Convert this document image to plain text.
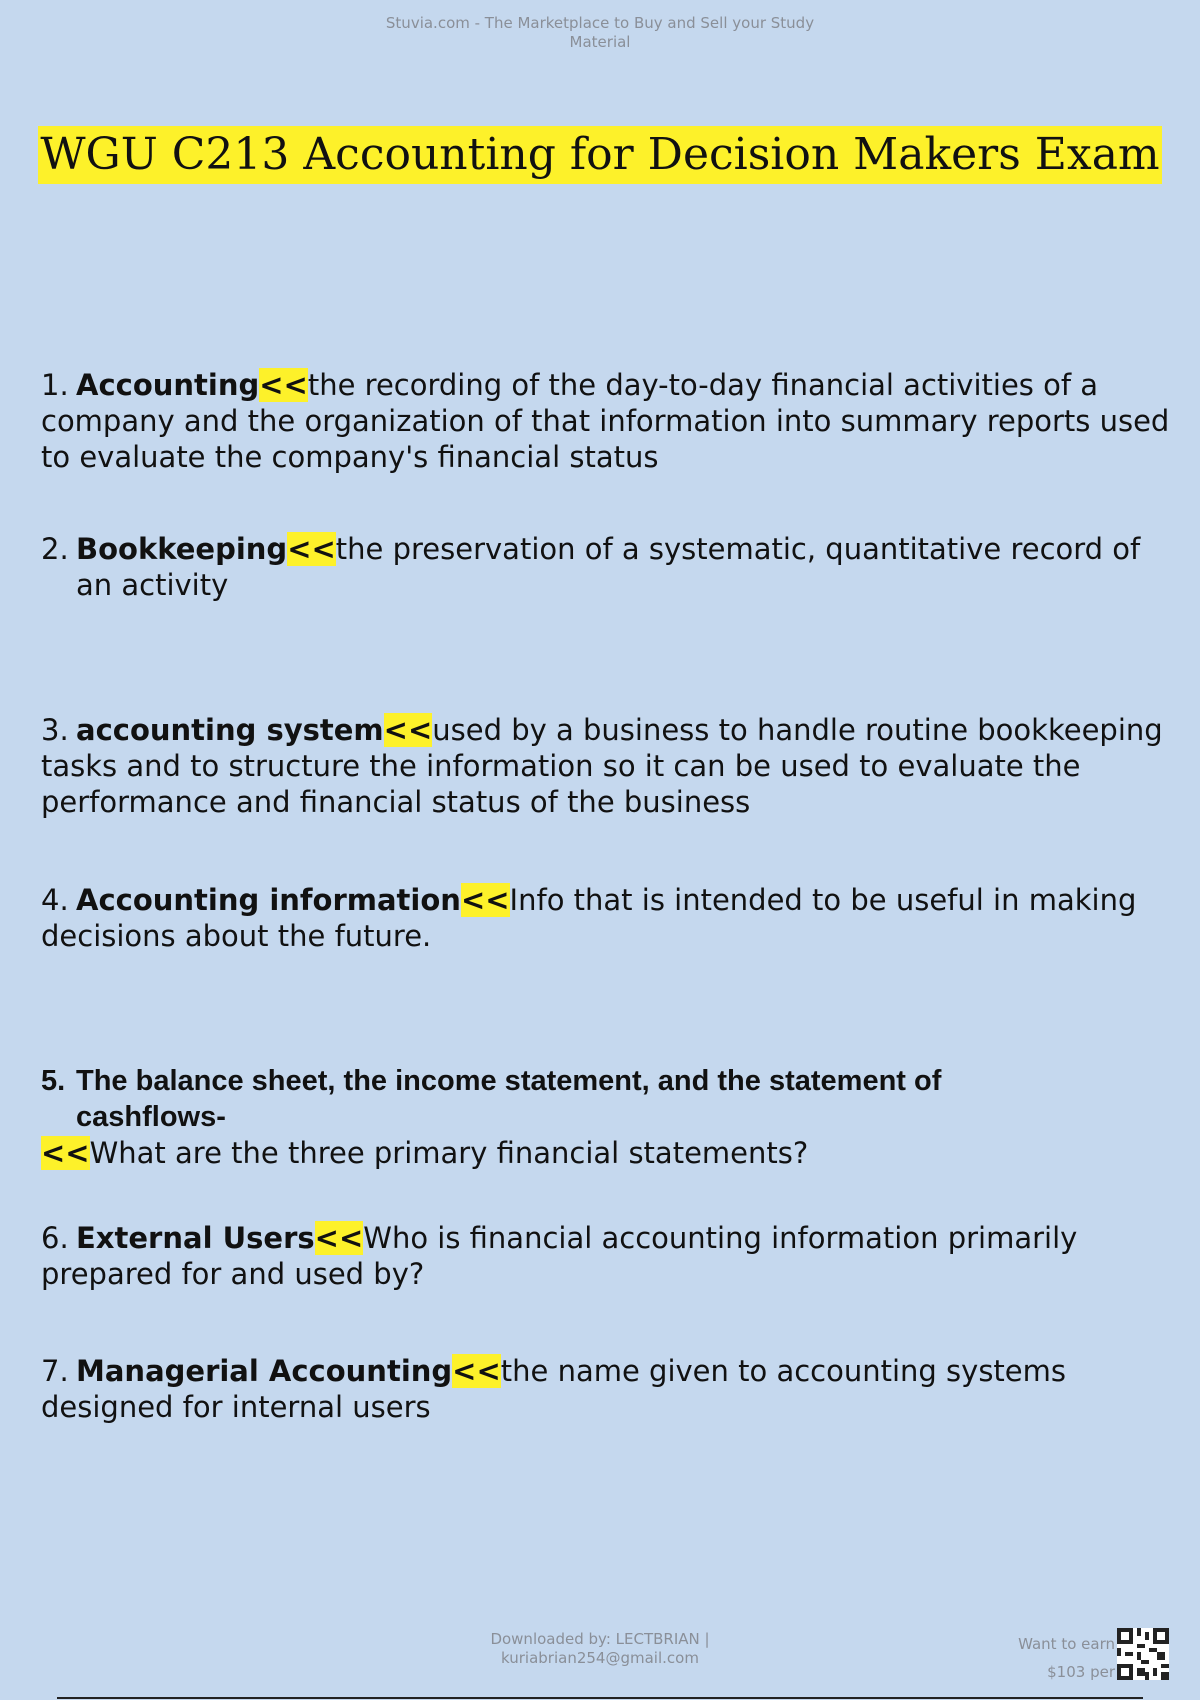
Stuvia.com - The Marketplace to Buy and Sell your Study
Material
WGU C213 Accounting for Decision Makers Exam
1. Accounting<<the recording of the day-to-day financial activities of a company and the organization of that information into summary reports used to evaluate the company's financial status
2. Bookkeeping<<the preservation of a systematic, quantitative record of an activity
3. accounting system<<used by a business to handle routine bookkeeping tasks and to structure the information so it can be used to evaluate the performance and financial status of the business
4. Accounting information<<Info that is intended to be useful in making decisions about the future.
5. The balance sheet, the income statement, and the statement of cashflows-
<<What are the three primary financial statements?
6. External Users<<Who is financial accounting information primarily prepared for and used by?
7. Managerial Accounting<<the name given to accounting systems designed for internal users
Downloaded by: LECTBRIAN |
kuriabrian254@gmail.com
Want to earn
$103 per
